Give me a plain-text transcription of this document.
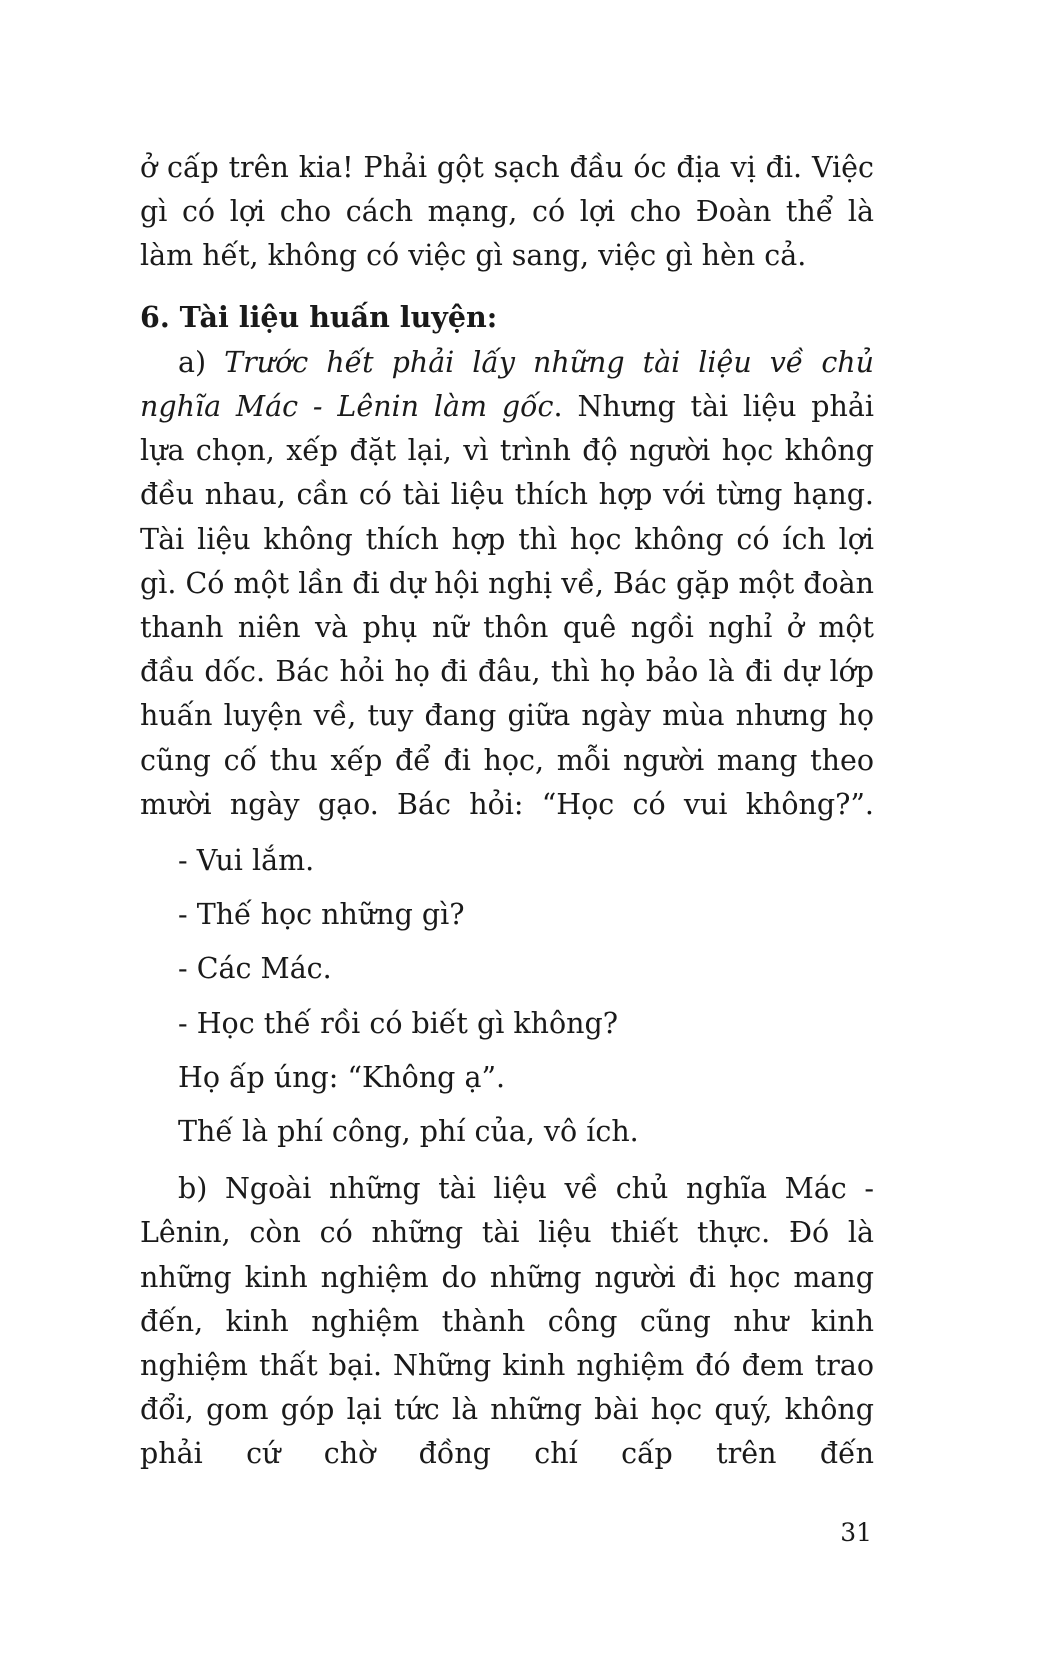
ở cấp trên kia! Phải gột sạch đầu óc địa vị đi. Việc gì có lợi cho cách mạng, có lợi cho Đoàn thể là làm hết, không có việc gì sang, việc gì hèn cả.

6. Tài liệu huấn luyện:

a) Trước hết phải lấy những tài liệu về chủ nghĩa Mác - Lênin làm gốc. Nhưng tài liệu phải lựa chọn, xếp đặt lại, vì trình độ người học không đều nhau, cần có tài liệu thích hợp với từng hạng. Tài liệu không thích hợp thì học không có ích lợi gì. Có một lần đi dự hội nghị về, Bác gặp một đoàn thanh niên và phụ nữ thôn quê ngồi nghỉ ở một đầu dốc. Bác hỏi họ đi đâu, thì họ bảo là đi dự lớp huấn luyện về, tuy đang giữa ngày mùa nhưng họ cũng cố thu xếp để đi học, mỗi người mang theo mười ngày gạo. Bác hỏi: “Học có vui không?”.

- Vui lắm.

- Thế học những gì?

- Các Mác.

- Học thế rồi có biết gì không?

Họ ấp úng: “Không ạ”.

Thế là phí công, phí của, vô ích.

b) Ngoài những tài liệu về chủ nghĩa Mác - Lênin, còn có những tài liệu thiết thực. Đó là những kinh nghiệm do những người đi học mang đến, kinh nghiệm thành công cũng như kinh nghiệm thất bại. Những kinh nghiệm đó đem trao đổi, gom góp lại tức là những bài học quý, không phải cứ chờ đồng chí cấp trên đến

31
